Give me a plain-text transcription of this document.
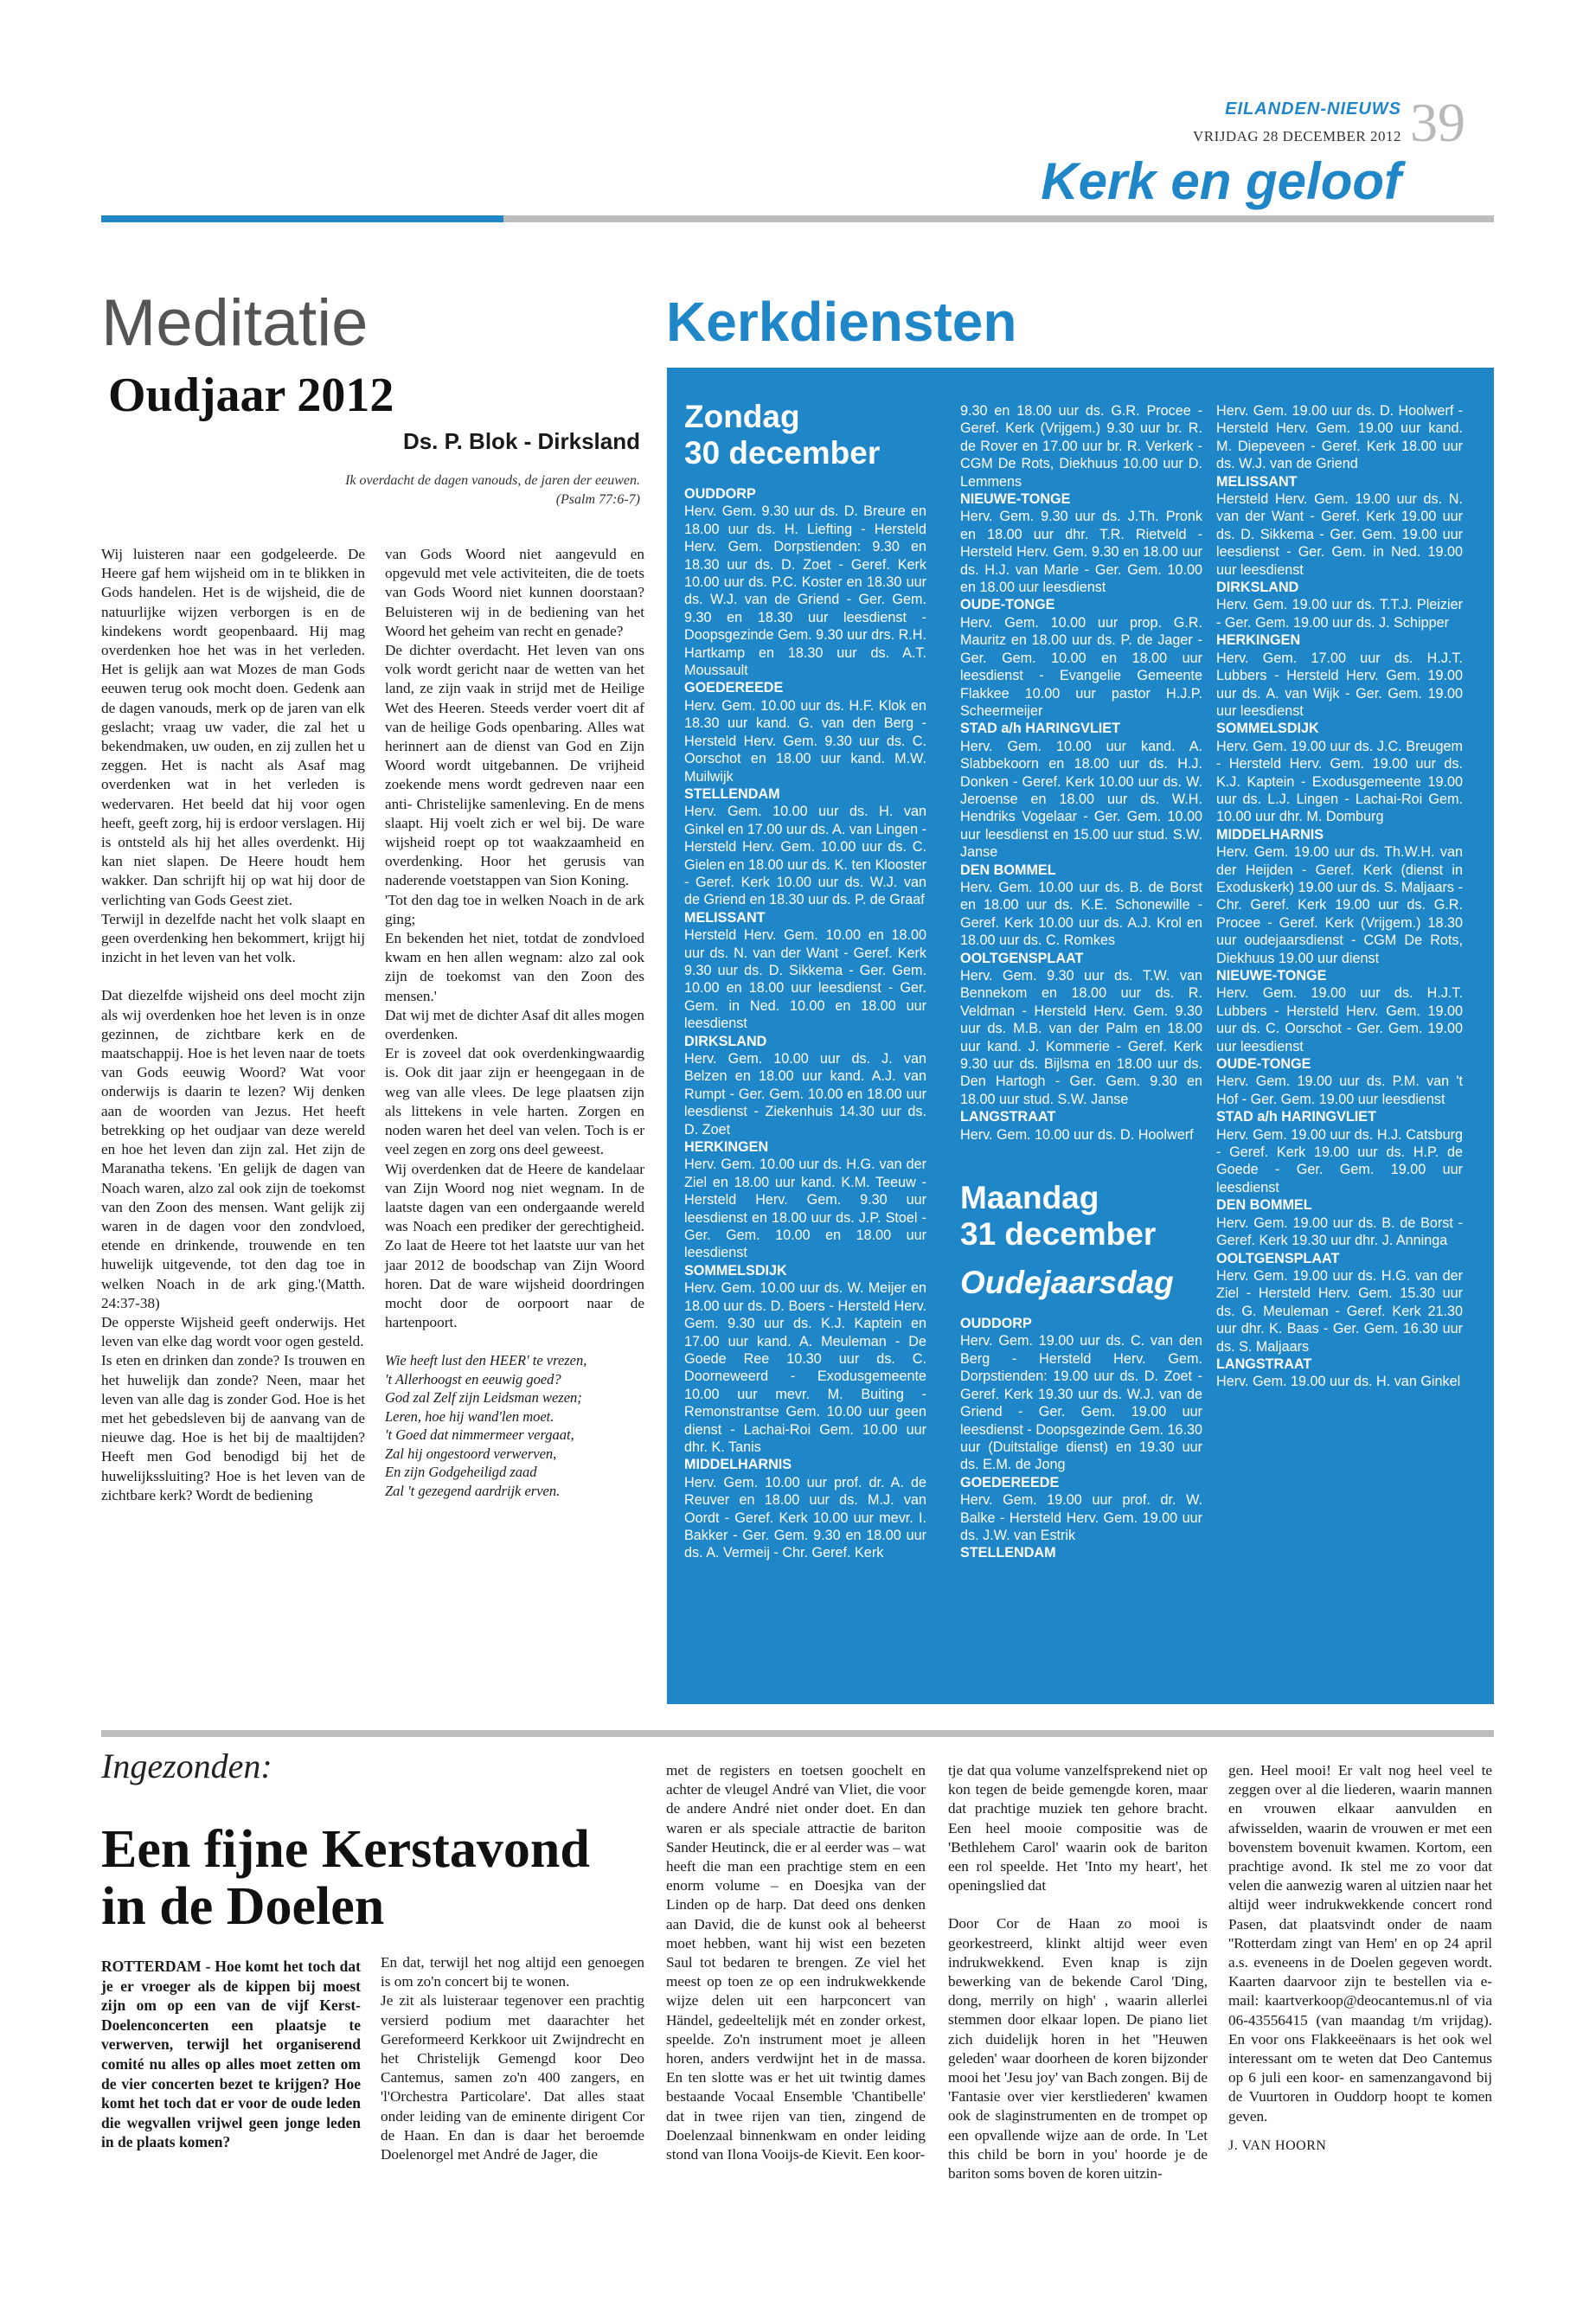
EILANDEN-NIEUWS
VRIJDAG 28 DECEMBER 2012 39
Kerk en geloof
Meditatie
Oudjaar 2012
Ds. P. Blok - Dirksland
Ik overdacht de dagen vanouds, de jaren der eeuwen.
(Psalm 77:6-7)

Wij luisteren naar een godgeleerde. De Heere gaf hem wijsheid om in te blikken in Gods handelen. Het is de wijsheid, die de natuurlijke wijzen verborgen is en de kindekens wordt geopenbaard. Hij mag overdenken hoe het was in het verleden. Het is gelijk aan wat Mozes de man Gods eeuwen terug ook mocht doen. Gedenk aan de dagen vanouds, merk op de jaren van elk geslacht; vraag uw vader, die zal het u bekendmaken, uw ouden, en zij zullen het u zeggen. Het is nacht als Asaf mag overdenken wat in het verleden is wedervaren. Het beeld dat hij voor ogen heeft, geeft zorg, hij is erdoor verslagen. Hij is ontsteld als hij het alles overdenkt. Hij kan niet slapen. De Heere houdt hem wakker. Dan schrijft hij op wat hij door de verlichting van Gods Geest ziet.

Terwijl in dezelfde nacht het volk slaapt en geen overdenking hen bekommert, krijgt hij inzicht in het leven van het volk.

Dat diezelfde wijsheid ons deel mocht zijn als wij overdenken hoe het leven is in onze gezinnen, de zichtbare kerk en de maatschappij. Hoe is het leven naar de toets van Gods eeuwig Woord? Wat voor onderwijs is daarin te lezen? Wij denken aan de woorden van Jezus. Het heeft betrekking op het oudjaar van deze wereld en hoe het leven dan zijn zal. Het zijn de Maranatha tekens. 'En gelijk de dagen van Noach waren, alzo zal ook zijn de toekomst van den Zoon des mensen. Want gelijk zij waren in de dagen voor den zondvloed, etende en drinkende, trouwende en ten huwelijk uitgevende, tot den dag toe in welken Noach in de ark ging.'(Matth. 24:37-38)

De opperste Wijsheid geeft onderwijs. Het leven van elke dag wordt voor ogen gesteld.

Is eten en drinken dan zonde? Is trouwen en het huwelijk dan zonde? Neen, maar het leven van alle dag is zonder God. Hoe is het met het gebedsleven bij de aanvang van de nieuwe dag. Hoe is het bij de maaltijden? Heeft men God benodigd bij het de huwelijkssluiting? Hoe is het leven van de zichtbare kerk? Wordt de bediening

van Gods Woord niet aangevuld en opgevuld met vele activiteiten, die de toets van Gods Woord niet kunnen doorstaan? Beluisteren wij in de bediening van het Woord het geheim van recht en genade?

De dichter overdacht. Het leven van ons volk wordt gericht naar de wetten van het land, ze zijn vaak in strijd met de Heilige Wet des Heeren. Steeds verder voert dit af van de heilige Gods openbaring. Alles wat herinnert aan de dienst van God en Zijn Woord wordt uitgebannen. De vrijheid zoekende mens wordt gedreven naar een anti- Christelijke samenleving. En de mens slaapt. Hij voelt zich er wel bij. De ware wijsheid roept op tot waakzaamheid en overdenking. Hoor het gerusis van naderende voetstappen van Sion Koning.

'Tot den dag toe in welken Noach in de ark ging;

En bekenden het niet, totdat de zondvloed kwam en hen allen wegnam: alzo zal ook zijn de toekomst van den Zoon des mensen.'

Dat wij met de dichter Asaf dit alles mogen overdenken.

Er is zoveel dat ook overdenkingwaardig is. Ook dit jaar zijn er heengegaan in de weg van alle vlees. De lege plaatsen zijn als littekens in vele harten. Zorgen en noden waren het deel van velen. Toch is er veel zegen en zorg ons deel geweest.

Wij overdenken dat de Heere de kandelaar van Zijn Woord nog niet wegnam. In de laatste dagen van een ondergaande wereld was Noach een prediker der gerechtigheid. Zo laat de Heere tot het laatste uur van het jaar 2012 de boodschap van Zijn Woord horen. Dat de ware wijsheid doordringen mocht door de oorpoort naar de hartenpoort.

Wie heeft lust den HEER' te vrezen,
't Allerhoogst en eeuwig goed?
God zal Zelf zijn Leidsman wezen;
Leren, hoe hij wand'len moet.
't Goed dat nimmermeer vergaat,
Zal hij ongestoord verwerven,
En zijn Godgeheiligd zaad
Zal 't gezegend aardrijk erven.
Kerkdiensten
Zondag
30 december

OUDDORP

Herv. Gem. 9.30 uur ds. D. Breure en 18.00 uur ds. H. Liefting - Hersteld Herv. Gem. Dorpstienden: 9.30 en 18.30 uur ds. D. Zoet - Geref. Kerk 10.00 uur ds. P.C. Koster en 18.30 uur ds. W.J. van de Griend - Ger. Gem. 9.30 en 18.30 uur leesdienst - Doopsgezinde Gem. 9.30 uur drs. R.H. Hartkamp en 18.30 uur ds. A.T. Moussault

GOEDEREEDE

Herv. Gem. 10.00 uur ds. H.F. Klok en 18.30 uur kand. G. van den Berg - Hersteld Herv. Gem. 9.30 uur ds. C. Oorschot en 18.00 uur kand. M.W. Muilwijk

STELLENDAM

Herv. Gem. 10.00 uur ds. H. van Ginkel en 17.00 uur ds. A. van Lingen - Hersteld Herv. Gem. 10.00 uur ds. C. Gielen en 18.00 uur ds. K. ten Klooster - Geref. Kerk 10.00 uur ds. W.J. van de Griend en 18.30 uur ds. P. de Graaf

MELISSANT

Hersteld Herv. Gem. 10.00 en 18.00 uur ds. N. van der Want - Geref. Kerk 9.30 uur ds. D. Sikkema - Ger. Gem. 10.00 en 18.00 uur leesdienst - Ger. Gem. in Ned. 10.00 en 18.00 uur leesdienst

DIRKSLAND

Herv. Gem. 10.00 uur ds. J. van Belzen en 18.00 uur kand. A.J. van Rumpt - Ger. Gem. 10.00 en 18.00 uur leesdienst - Ziekenhuis 14.30 uur ds. D. Zoet

HERKINGEN

Herv. Gem. 10.00 uur ds. H.G. van der Ziel en 18.00 uur kand. K.M. Teeuw - Hersteld Herv. Gem. 9.30 uur leesdienst en 18.00 uur ds. J.P. Stoel - Ger. Gem. 10.00 en 18.00 uur leesdienst

SOMMELSDIJK

Herv. Gem. 10.00 uur ds. W. Meijer en 18.00 uur ds. D. Boers - Hersteld Herv. Gem. 9.30 uur ds. K.J. Kaptein en 17.00 uur kand. A. Meuleman - De Goede Ree 10.30 uur ds. C. Doorneweerd - Exodusgemeente 10.00 uur mevr. M. Buiting - Remonstrantse Gem. 10.00 uur geen dienst - Lachai-Roi Gem. 10.00 uur dhr. K. Tanis

MIDDELHARNIS

Herv. Gem. 10.00 uur prof. dr. A. de Reuver en 18.00 uur ds. M.J. van Oordt - Geref. Kerk 10.00 uur mevr. I. Bakker - Ger. Gem. 9.30 en 18.00 uur ds. A. Vermeij - Chr. Geref. Kerk

9.30 en 18.00 uur ds. G.R. Procee - Geref. Kerk (Vrijgem.) 9.30 uur br. R. de Rover en 17.00 uur br. R. Verkerk - CGM De Rots, Diekhuus 10.00 uur D. Lemmens

NIEUWE-TONGE

Herv. Gem. 9.30 uur ds. J.Th. Pronk en 18.00 uur dhr. T.R. Rietveld - Hersteld Herv. Gem. 9.30 en 18.00 uur ds. H.J. van Marle - Ger. Gem. 10.00 en 18.00 uur leesdienst

OUDE-TONGE

Herv. Gem. 10.00 uur prop. G.R. Mauritz en 18.00 uur ds. P. de Jager - Ger. Gem. 10.00 en 18.00 uur leesdienst - Evangelie Gemeente Flakkee 10.00 uur pastor H.J.P. Scheermeijer

STAD a/h HARINGVLIET

Herv. Gem. 10.00 uur kand. A. Slabbekoorn en 18.00 uur ds. H.J. Donken - Geref. Kerk 10.00 uur ds. W. Jeroense en 18.00 uur ds. W.H. Hendriks Vogelaar - Ger. Gem. 10.00 uur leesdienst en 15.00 uur stud. S.W. Janse

DEN BOMMEL

Herv. Gem. 10.00 uur ds. B. de Borst en 18.00 uur ds. K.E. Schonewille - Geref. Kerk 10.00 uur ds. A.J. Krol en 18.00 uur ds. C. Romkes

OOLTGENSPLAAT

Herv. Gem. 9.30 uur ds. T.W. van Bennekom en 18.00 uur ds. R. Veldman - Hersteld Herv. Gem. 9.30 uur ds. M.B. van der Palm en 18.00 uur kand. J. Kommerie - Geref. Kerk 9.30 uur ds. Bijlsma en 18.00 uur ds. Den Hartogh - Ger. Gem. 9.30 en 18.00 uur stud. S.W. Janse

LANGSTRAAT

Herv. Gem. 10.00 uur ds. D. Hoolwerf

Maandag
31 december
Oudejaarsdag

OUDDORP

Herv. Gem. 19.00 uur ds. C. van den Berg - Hersteld Herv. Gem. Dorpstienden: 19.00 uur ds. D. Zoet - Geref. Kerk 19.30 uur ds. W.J. van de Griend - Ger. Gem. 19.00 uur leesdienst - Doopsgezinde Gem. 16.30 uur (Duitstalige dienst) en 19.30 uur ds. E.M. de Jong

GOEDEREEDE

Herv. Gem. 19.00 uur prof. dr. W. Balke - Hersteld Herv. Gem. 19.00 uur ds. J.W. van Estrik

STELLENDAM

Herv. Gem. 19.00 uur ds. D. Hoolwerf - Hersteld Herv. Gem. 19.00 uur kand. M. Diepeveen - Geref. Kerk 18.00 uur ds. W.J. van de Griend

MELISSANT

Hersteld Herv. Gem. 19.00 uur ds. N. van der Want - Geref. Kerk 19.00 uur ds. D. Sikkema - Ger. Gem. 19.00 uur leesdienst - Ger. Gem. in Ned. 19.00 uur leesdienst

DIRKSLAND

Herv. Gem. 19.00 uur ds. T.T.J. Pleizier - Ger. Gem. 19.00 uur ds. J. Schipper

HERKINGEN

Herv. Gem. 17.00 uur ds. H.J.T. Lubbers - Hersteld Herv. Gem. 19.00 uur ds. A. van Wijk - Ger. Gem. 19.00 uur leesdienst

SOMMELSDIJK

Herv. Gem. 19.00 uur ds. J.C. Breugem - Hersteld Herv. Gem. 19.00 uur ds. K.J. Kaptein - Exodusgemeente 19.00 uur ds. L.J. Lingen - Lachai-Roi Gem. 10.00 uur dhr. M. Domburg

MIDDELHARNIS

Herv. Gem. 19.00 uur ds. Th.W.H. van der Heijden - Geref. Kerk (dienst in Exoduskerk) 19.00 uur ds. S. Maljaars - Chr. Geref. Kerk 19.00 uur ds. G.R. Procee - Geref. Kerk (Vrijgem.) 18.30 uur oudejaarsdienst - CGM De Rots, Diekhuus 19.00 uur dienst

NIEUWE-TONGE

Herv. Gem. 19.00 uur ds. H.J.T. Lubbers - Hersteld Herv. Gem. 19.00 uur ds. C. Oorschot - Ger. Gem. 19.00 uur leesdienst

OUDE-TONGE

Herv. Gem. 19.00 uur ds. P.M. van 't Hof - Ger. Gem. 19.00 uur leesdienst

STAD a/h HARINGVLIET

Herv. Gem. 19.00 uur ds. H.J. Catsburg - Geref. Kerk 19.00 uur ds. H.P. de Goede - Ger. Gem. 19.00 uur leesdienst

DEN BOMMEL

Herv. Gem. 19.00 uur ds. B. de Borst - Geref. Kerk 19.30 uur dhr. J. Anninga

OOLTGENSPLAAT

Herv. Gem. 19.00 uur ds. H.G. van der Ziel - Hersteld Herv. Gem. 15.30 uur ds. G. Meuleman - Geref. Kerk 21.30 uur dhr. K. Baas - Ger. Gem. 16.30 uur ds. S. Maljaars

LANGSTRAAT

Herv. Gem. 19.00 uur ds. H. van Ginkel

Ingezonden:
Een fijne Kerstavond
in de Doelen
ROTTERDAM - Hoe komt het toch dat je er vroeger als de kippen bij moest zijn om op een van de vijf Kerst-Doelenconcerten een plaatsje te verwerven, terwijl het organiserend comité nu alles op alles moet zetten om de vier concerten bezet te krijgen? Hoe komt het toch dat er voor de oude leden die wegvallen vrijwel geen jonge leden in de plaats komen?

En dat, terwijl het nog altijd een genoegen is om zo'n concert bij te wonen.

Je zit als luisteraar tegenover een prachtig versierd podium met daarachter het Gereformeerd Kerkkoor uit Zwijndrecht en het Christelijk Gemengd koor Deo Cantemus, samen zo'n 400 zangers, en 'l'Orchestra Particolare'. Dat alles staat onder leiding van de eminente dirigent Cor de Haan. En dan is daar het beroemde Doelenorgel met André de Jager, die

met de registers en toetsen goochelt en achter de vleugel André van Vliet, die voor de andere André niet onder doet. En dan waren er als speciale attractie de bariton Sander Heutinck, die er al eerder was – wat heeft die man een prachtige stem en een enorm volume – en Doesjka van der Linden op de harp. Dat deed ons denken aan David, die de kunst ook al beheerst moet hebben, want hij wist een bezeten Saul tot bedaren te brengen. Ze viel het meest op toen ze op een indrukwekkende wijze delen uit een harpconcert van Händel, gedeeltelijk mét en zonder orkest, speelde. Zo'n instrument moet je alleen horen, anders verdwijnt het in de massa. En ten slotte was er het uit twintig dames bestaande Vocaal Ensemble 'Chantibelle' dat in twee rijen van tien, zingend de Doelenzaal binnenkwam en onder leiding stond van Ilona Vooijs-de Kievit. Een koor-

tje dat qua volume vanzelfsprekend niet op kon tegen de beide gemengde koren, maar dat prachtige muziek ten gehore bracht. Een heel mooie compositie was de 'Bethlehem Carol' waarin ook de bariton een rol speelde. Het 'Into my heart', het openingslied dat

Door Cor de Haan zo mooi is georkestreerd, klinkt altijd weer even indrukwekkend. Even knap is zijn bewerking van de bekende Carol 'Ding, dong, merrily on high' , waarin allerlei stemmen door elkaar lopen. De piano liet zich duidelijk horen in het ''Heuwen geleden' waar doorheen de koren bijzonder mooi het 'Jesu joy' van Bach zongen. Bij de 'Fantasie over vier kerstliederen' kwamen ook de slaginstrumenten en de trompet op een opvallende wijze aan de orde. In 'Let this child be born in you' hoorde je de bariton soms boven de koren uitzin-

gen. Heel mooi! Er valt nog heel veel te zeggen over al die liederen, waarin mannen en vrouwen elkaar aanvulden en afwisselden, waarin de vrouwen er met een bovenstem bovenuit kwamen. Kortom, een prachtige avond. Ik stel me zo voor dat velen die aanwezig waren al uitzien naar het altijd weer indrukwekkende concert rond Pasen, dat plaatsvindt onder de naam ''Rotterdam zingt van Hem' en op 24 april a.s. eveneens in de Doelen gegeven wordt. Kaarten daarvoor zijn te bestellen via e-mail: kaartverkoop@deocantemus.nl of via 06-43556415 (van maandag t/m vrijdag). En voor ons Flakkeeënaars is het ook wel interessant om te weten dat Deo Cantemus op 6 juli een koor- en samenzangavond bij de Vuurtoren in Ouddorp hoopt te komen geven.

J. VAN HOORN
